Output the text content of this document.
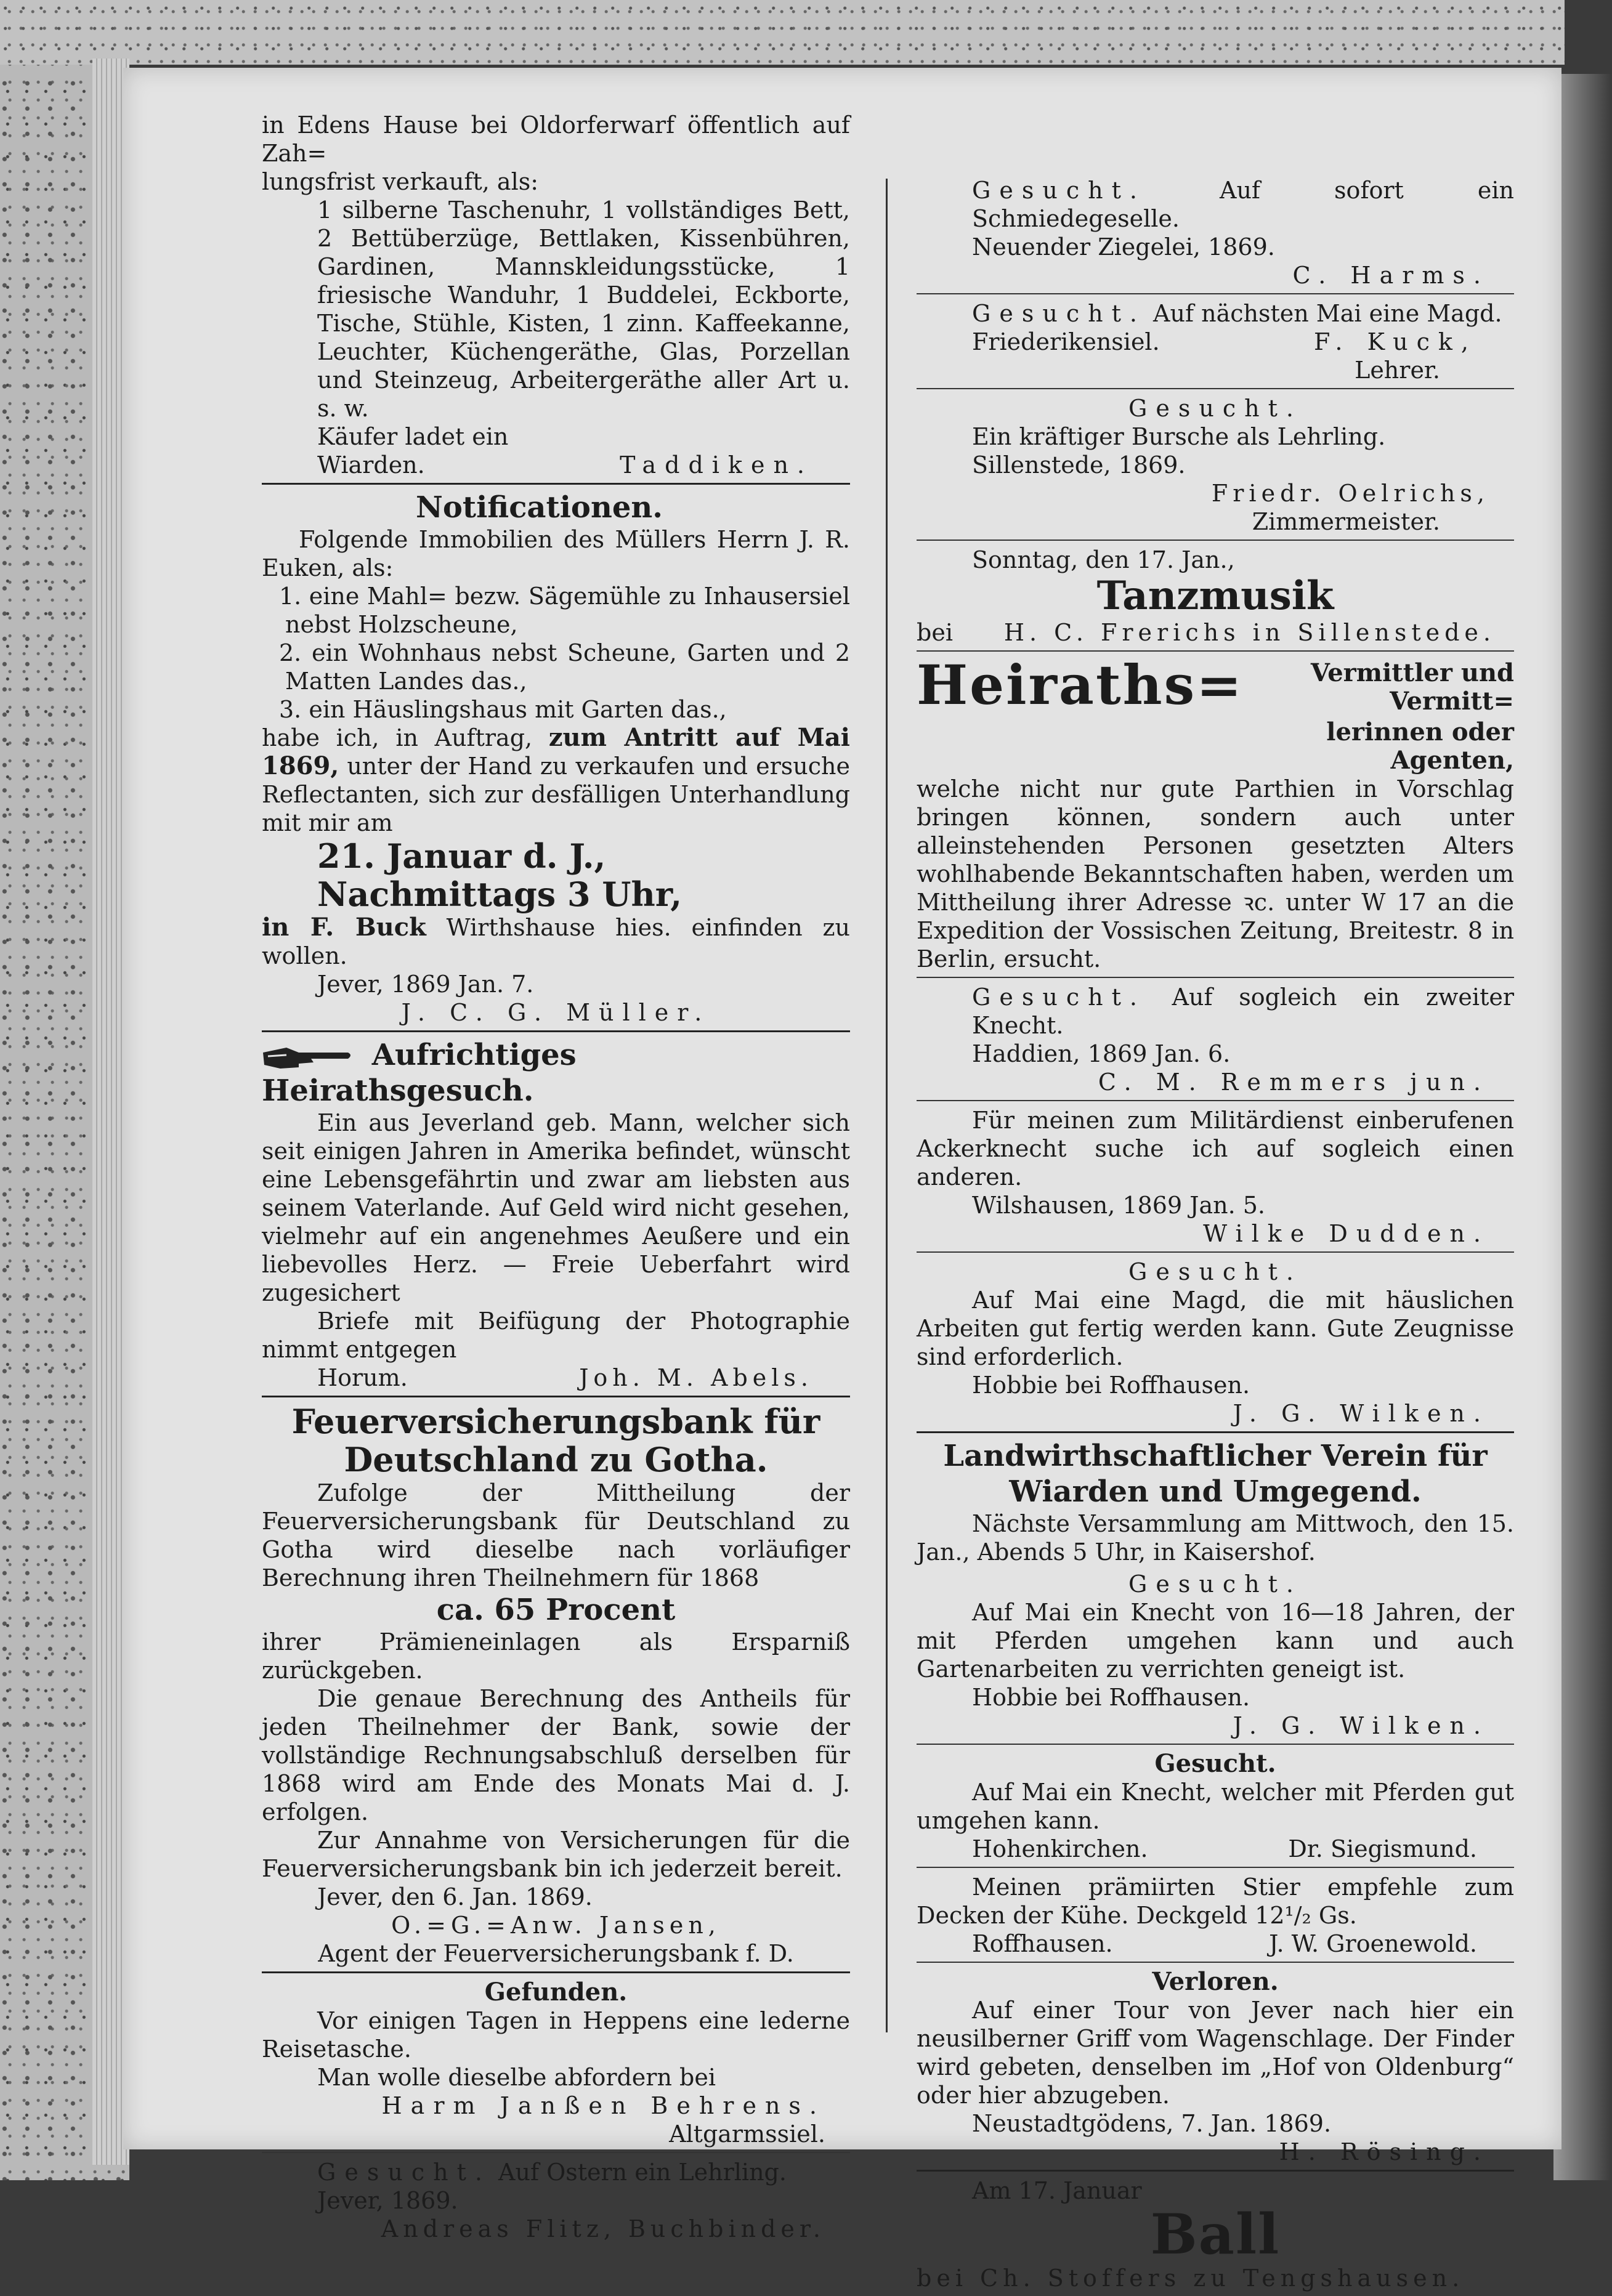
in Edens Hause bei Oldorferwarf öffentlich auf Zah=

lungsfrist verkauft, als:

1 silberne Taschenuhr, 1 vollständiges Bett, 2 Bettüberzüge, Bettlaken, Kissenbühren, Gardinen, Mannskleidungsstücke, 1 friesische Wanduhr, 1 Buddelei, Eckborte, Tische, Stühle, Kisten, 1 zinn. Kaffeekanne, Leuchter, Küchengeräthe, Glas, Porzellan und Steinzeug, Arbeitergeräthe aller Art u. s. w.

Käufer ladet ein

Wiarden.	Taddiken.
Notificationen.

Folgende Immobilien des Müllers Herrn J. R. Euken, als:

1. eine Mahl= bezw. Sägemühle zu Inhausersiel nebst Holzscheune,

2. ein Wohnhaus nebst Scheune, Garten und 2 Matten Landes das.,

3. ein Häuslingshaus mit Garten das.,

habe ich, in Auftrag, zum Antritt auf Mai 1869, unter der Hand zu verkaufen und ersuche Reflectanten, sich zur desfälligen Unterhandlung mit mir am

21. Januar d. J., Nachmittags 3 Uhr,

in F. Buck Wirthshause hies. einfinden zu wollen.

Jever, 1869 Jan. 7.

J. C. G. Müller.

Aufrichtiges Heirathsgesuch.

Ein aus Jeverland geb. Mann, welcher sich seit einigen Jahren in Amerika befindet, wünscht eine Lebensgefährtin und zwar am liebsten aus seinem Vaterlande. Auf Geld wird nicht gesehen, vielmehr auf ein angenehmes Aeußere und ein liebevolles Herz. — Freie Ueberfahrt wird zugesichert

Briefe mit Beifügung der Photographie nimmt entgegen

Horum.	Joh. M. Abels.
Feuerversicherungsbank für Deutschland zu Gotha.

Zufolge der Mittheilung der Feuerversicherungsbank für Deutschland zu Gotha wird dieselbe nach vorläufiger Berechnung ihren Theilnehmern für 1868

ca. 65 Procent

ihrer Prämieneinlagen als Ersparniß zurückgeben.

Die genaue Berechnung des Antheils für jeden Theilnehmer der Bank, sowie der vollständige Rechnungsabschluß derselben für 1868 wird am Ende des Monats Mai d. J. erfolgen.

Zur Annahme von Versicherungen für die Feuerversicherungsbank bin ich jederzeit bereit.

Jever, den 6. Jan. 1869.

O.=G.=Anw. Jansen,

Agent der Feuerversicherungsbank f. D.

Gefunden.

Vor einigen Tagen in Heppens eine lederne Reisetasche.

Man wolle dieselbe abfordern bei

Harm Janßen Behrens.

Altgarmssiel.

Gesucht. Auf Ostern ein Lehrling.

Jever, 1869.

Andreas Flitz, Buchbinder.

Gesucht.	Auf sofort ein Schmiedegeselle.

Neuender Ziegelei, 1869.

C. Harms.

Gesucht. Auf nächsten Mai eine Magd.

Friederikensiel.	F. Kuck,

Lehrer.

Gesucht.

Ein kräftiger Bursche als Lehrling.

Sillenstede, 1869.

Friedr. Oelrichs,

Zimmermeister.

Sonntag, den 17. Jan.,

Tanzmusik
bei H. C. Frerichs in Sillenstede.
Heiraths=	Vermittler und Vermitt=
lerinnen oder Agenten,

welche nicht nur gute Parthien in Vorschlag bringen können, sondern auch unter alleinstehenden Personen gesetzten Alters wohlhabende Bekanntschaften haben, werden um Mittheilung ihrer Adresse ꝛc. unter W 17 an die Expedition der Vossischen Zeitung, Breitestr. 8 in Berlin, ersucht.

Gesucht. Auf sogleich ein zweiter Knecht.

Haddien, 1869 Jan. 6.

C. M. Remmers jun.

Für meinen zum Militärdienst einberufenen Ackerknecht suche ich auf sogleich einen anderen.

Wilshausen, 1869 Jan. 5.

Wilke Dudden.

Gesucht.

Auf Mai eine Magd, die mit häuslichen Arbeiten gut fertig werden kann. Gute Zeugnisse sind erforderlich.

Hobbie bei Roffhausen.

J. G. Wilken.

Landwirthschaftlicher Verein für Wiarden und Umgegend.

Nächste Versammlung am Mittwoch, den 15. Jan., Abends 5 Uhr, in Kaisershof.

Gesucht.

Auf Mai ein Knecht von 16—18 Jahren, der mit Pferden umgehen kann und auch Gartenarbeiten zu verrichten geneigt ist.

Hobbie bei Roffhausen.

J. G. Wilken.

Gesucht.

Auf Mai ein Knecht, welcher mit Pferden gut umgehen kann.

Hohenkirchen.	Dr. Siegismund.

Meinen prämiirten Stier empfehle zum Decken der Kühe. Deckgeld 12¹/₂ Gs.

Roffhausen.	J. W. Groenewold.

Verloren.

Auf einer Tour von Jever nach hier ein neusilberner Griff vom Wagenschlage. Der Finder wird gebeten, denselben im „Hof von Oldenburg“ oder hier abzugeben.

Neustadtgödens, 7. Jan. 1869.

H. Rösing.

Am 17. Januar

Ball

bei Ch. Stoffers zu Tengshausen.
